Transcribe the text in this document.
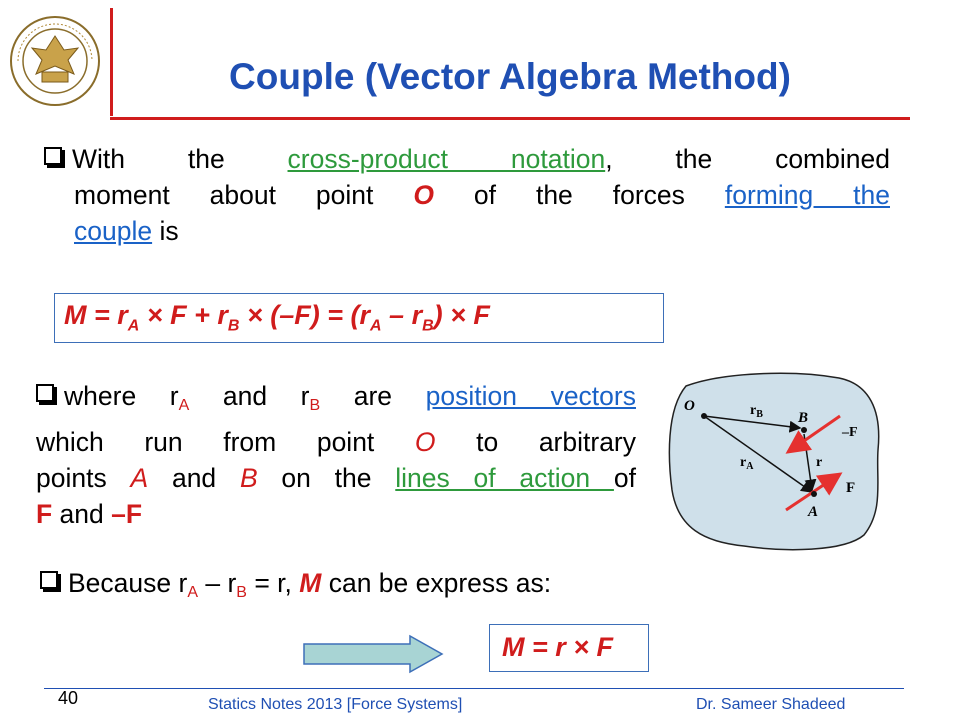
Couple (Vector Algebra Method)
With the cross-product notation, the combined
moment about point O of the forces forming the
couple is
$M = r_A \times F + r_B \times (-F) = (r_A - r_B) \times F$
where $r_A$ and $r_B$ are position vectors
which run from point O to arbitrary
points A and B on the lines of action of
F and –F
O	$r_B$ B
–F
r
$r_A$
A
F
Because $r_A - r_B = r$, M can be express as:
M = r × F
40	Statics Notes 2013 [Force Systems]	Dr. Sameer Shadeed
